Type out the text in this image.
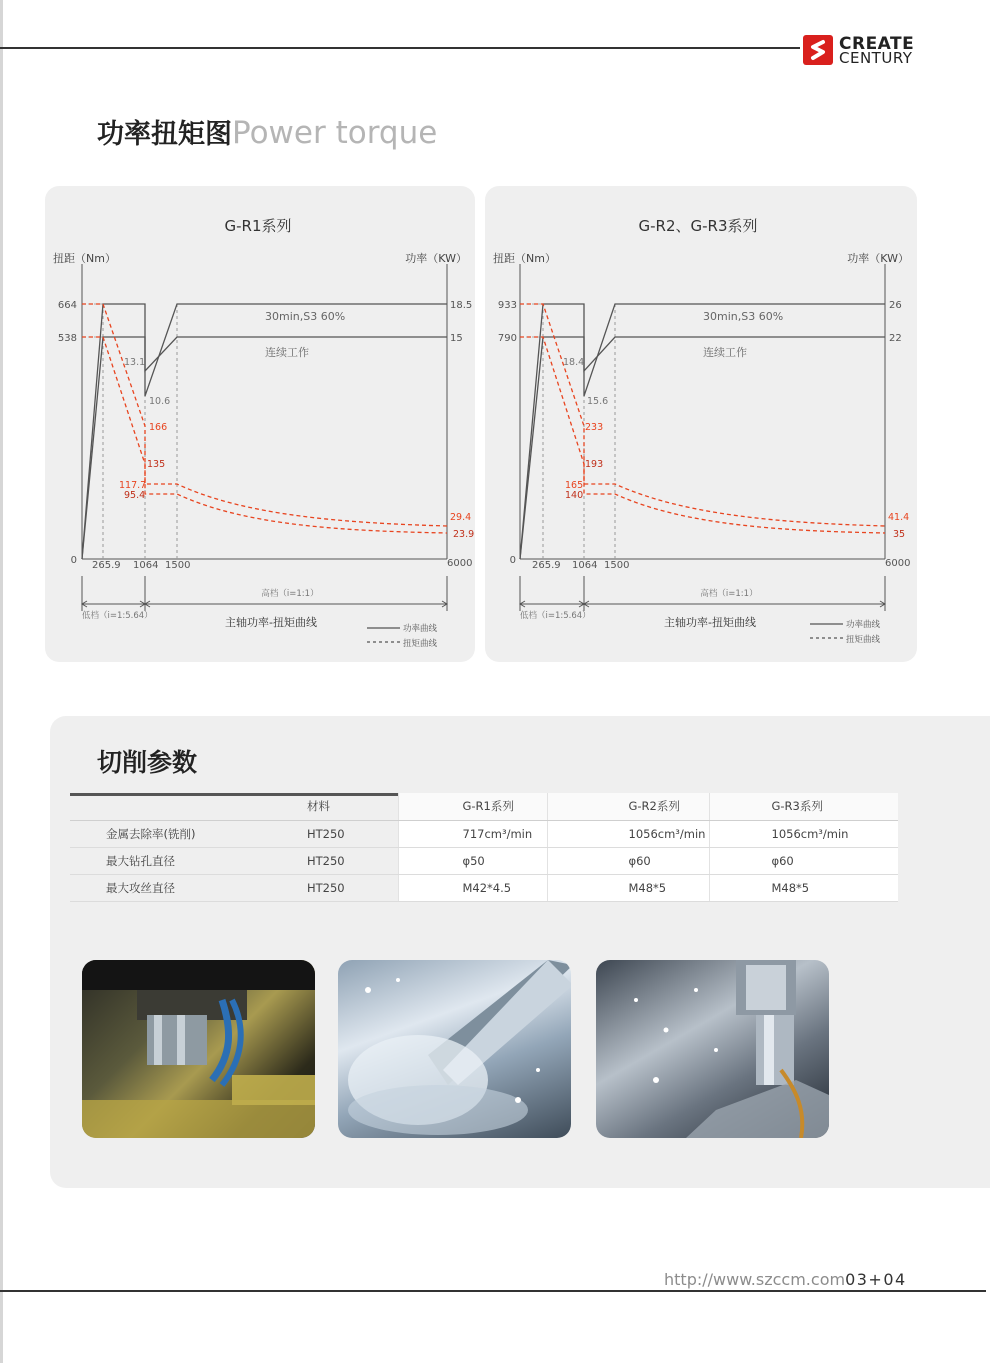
CREATE
CENTURY
功率扭矩图Power torque
G-R1系列
扭距（Nm）	功率（KW）
664
538
18.5
15
0 265.9 1064 1500	6000
30min,S3 60%
连续工作
13.1
10.6
166
135
117.7
95.4
29.4
23.9
高档（i=1:1）
低档（i=1:5.64）	主轴功率-扭矩曲线	功率曲线
扭矩曲线
G-R2、G-R3系列
扭距（Nm）	功率（KW）
933
790
26
22
0 265.9 1064 1500	6000
30min,S3 60%
连续工作
18.4
15.6
233
193
165
140
41.4
35
高档（i=1:1）
低档（i=1:5.64）	主轴功率-扭矩曲线	功率曲线
扭矩曲线
切削参数
	材料	G-R1系列	G-R2系列	G-R3系列
金属去除率(铣削)	HT250	717cm³/min	1056cm³/min	1056cm³/min
最大钻孔直径	HT250	φ50	φ60	φ60
最大攻丝直径	HT250	M42*4.5	M48*5	M48*5
http://www.szccm.com03+04
